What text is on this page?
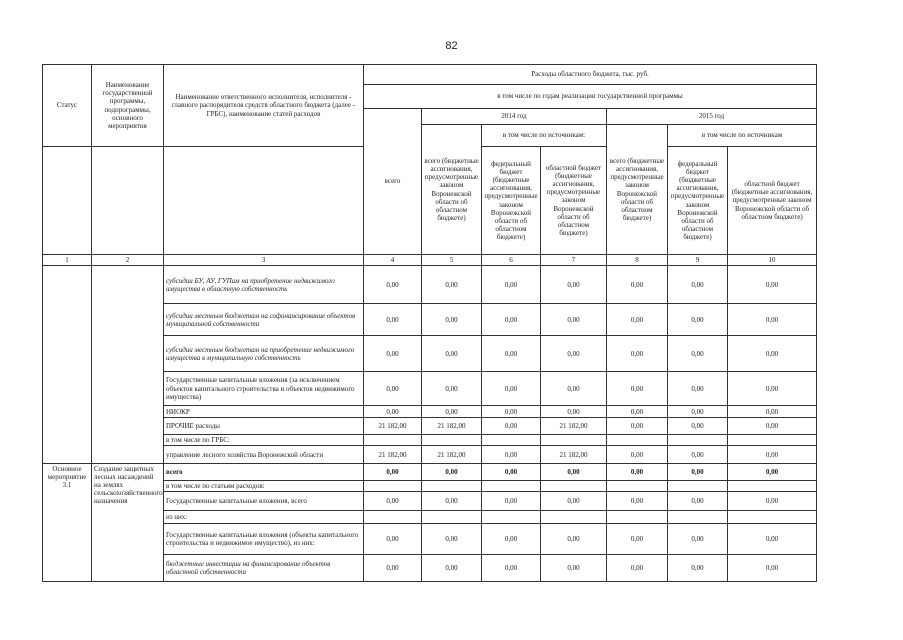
82
Статус	Наименование государственной программы, подпрограммы, основного мероприятия	Наименование ответственного исполнителя, исполнителя - главного распорядителя средств областного бюджета (далее - ГРБС), наименование статей расходов	Расходы областного бюджета, тыс. руб.						
			в том числе по годам реализации государственной программы						
			всего	2014 год			2015 год		
				всего (бюджетные ассигнования, предусмотренные законом Воронежской области об областном бюджете)	в том числе по источникам:		всего (бюджетные ассигнования, предусмотренные законом Воронежской области об областном бюджете)	в том числе по источникам	
					федеральный бюджет (бюджетные ассигнования, предусмотренные законом Воронежской области об областном бюджете)	областной бюджет (бюджетные ассигнования, предусмотренные законом Воронежской области об областном бюджете)		федеральный бюджет (бюджетные ассигнования, предусмотренные законом Воронежской области об областном бюджете)	областной бюджет (бюджетные ассигнования, предусмотренные законом Воронежской области об областном бюджете)
1	2	3	4	5	6	7	8	9	10
		субсидии БУ, АУ, ГУПам на приобретение недвижимого имущества в областную собственность	0,00	0,00	0,00	0,00	0,00	0,00	0,00
		субсидии местным бюджетам на софинансирование объектов муниципальной собственности	0,00	0,00	0,00	0,00	0,00	0,00	0,00
		субсидии местным бюджетам на приобретение недвижимого имущества в муниципальную собственность	0,00	0,00	0,00	0,00	0,00	0,00	0,00
		Государственные капитальные вложения (за исключением объектов капитального строительства и объектов недвижимого имущества)	0,00	0,00	0,00	0,00	0,00	0,00	0,00
		НИОКР	0,00	0,00	0,00	0,00	0,00	0,00	0,00
		ПРОЧИЕ расходы	21 182,00	21 182,00	0,00	21 182,00	0,00	0,00	0,00
		в том числе по ГРБС:							
		управление лесного хозяйства Воронежской области	21 182,00	21 182,00	0,00	21 182,00	0,00	0,00	0,00
Основное мероприятие 3.1	Создание защитных лесных насаждений на землях сельскохозяйственного назначения	всего	0,00	0,00	0,00	0,00	0,00	0,00	0,00
		в том числе по статьям расходов:							
		Государственные капитальные вложения, всего	0,00	0,00	0,00	0,00	0,00	0,00	0,00
		из них:							
		Государственные капитальные вложения (объекты капитального строительства и недвижимое имущество), из них:	0,00	0,00	0,00	0,00	0,00	0,00	0,00
		бюджетные инвестиции на финансирование объектов областной собственности	0,00	0,00	0,00	0,00	0,00	0,00	0,00
